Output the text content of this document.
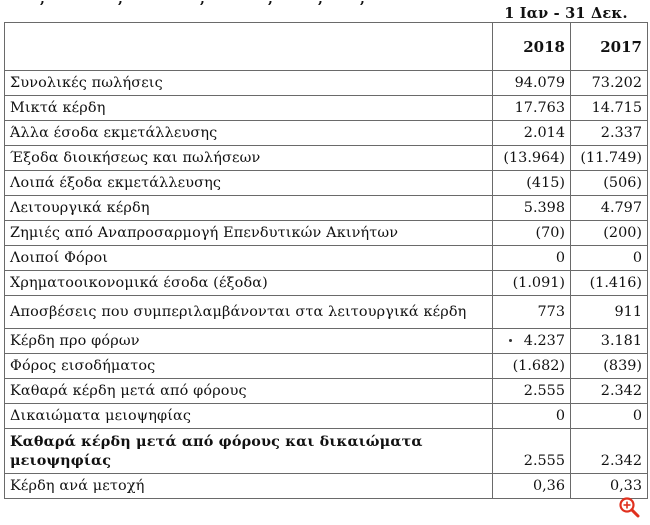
1 Ιαν - 31 Δεκ.
	2018	2017
Συνολικές πωλήσεις	94.079	73.202
Μικτά κέρδη	17.763	14.715
Άλλα έσοδα εκμετάλλευσης	2.014	2.337
Έξοδα διοικήσεως και πωλήσεων	(13.964)	(11.749)
Λοιπά έξοδα εκμετάλλευσης	(415)	(506)
Λειτουργικά κέρδη	5.398	4.797
Ζημιές από Αναπροσαρμογή Επενδυτικών Ακινήτων	(70)	(200)
Λοιποί Φόροι	0	0
Χρηματοοικονομικά έσοδα (έξοδα)	(1.091)	(1.416)
Αποσβέσεις που συμπεριλαμβάνονται στα λειτουργικά κέρδη	773	911
Κέρδη προ φόρων	4.237	3.181
Φόρος εισοδήματος	(1.682)	(839)
Καθαρά κέρδη μετά από φόρους	2.555	2.342
Δικαιώματα μειοψηφίας	0	0
Καθαρά κέρδη μετά από φόρους και δικαιώματα μειοψηφίας	2.555	2.342
Κέρδη ανά μετοχή	0,36	0,33
